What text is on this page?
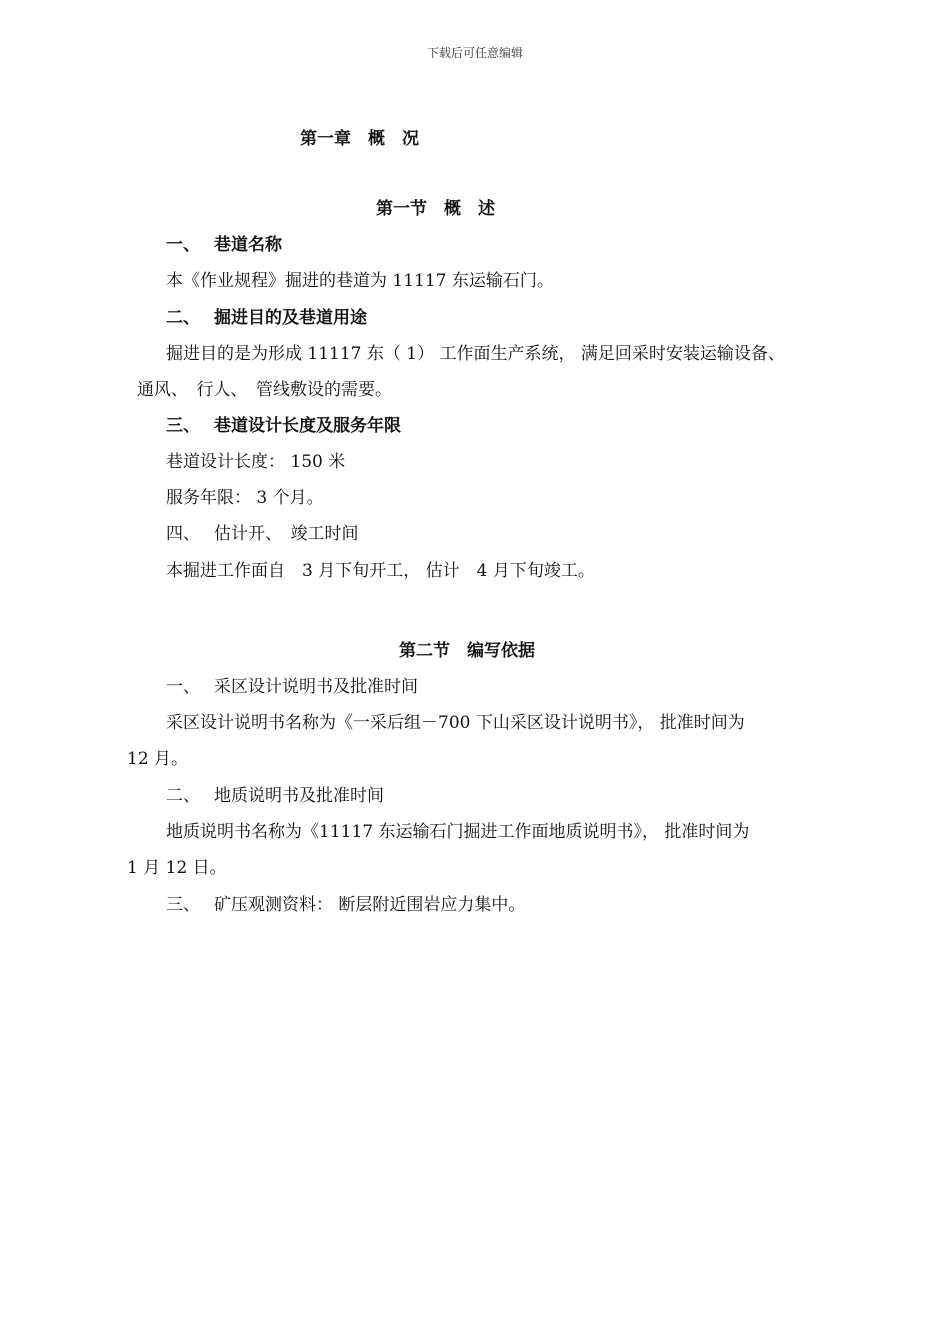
下载后可任意编辑
第一章　概　况
第一节　概　述
一、 巷道名称
本《作业规程》掘进的巷道为 11117 东运输石门。
二、 掘进目的及巷道用途
掘进目的是为形成 11117 东（ 1） 工作面生产系统， 满足回采时安装运输设备、
通风、　行人、　管线敷设的需要。
三、 巷道设计长度及服务年限
巷道设计长度： 150 米
服务年限： 3 个月。
四、 估计开、　竣工时间
本掘进工作面自　3 月下旬开工， 估计　4 月下旬竣工。
第二节　编写依据
一、 采区设计说明书及批准时间
采区设计说明书名称为《一采后组－700 下山采区设计说明书》， 批准时间为
12 月。
二、 地质说明书及批准时间
地质说明书名称为《11117 东运输石门掘进工作面地质说明书》， 批准时间为
1 月 12 日。
三、 矿压观测资料： 断层附近围岩应力集中。
